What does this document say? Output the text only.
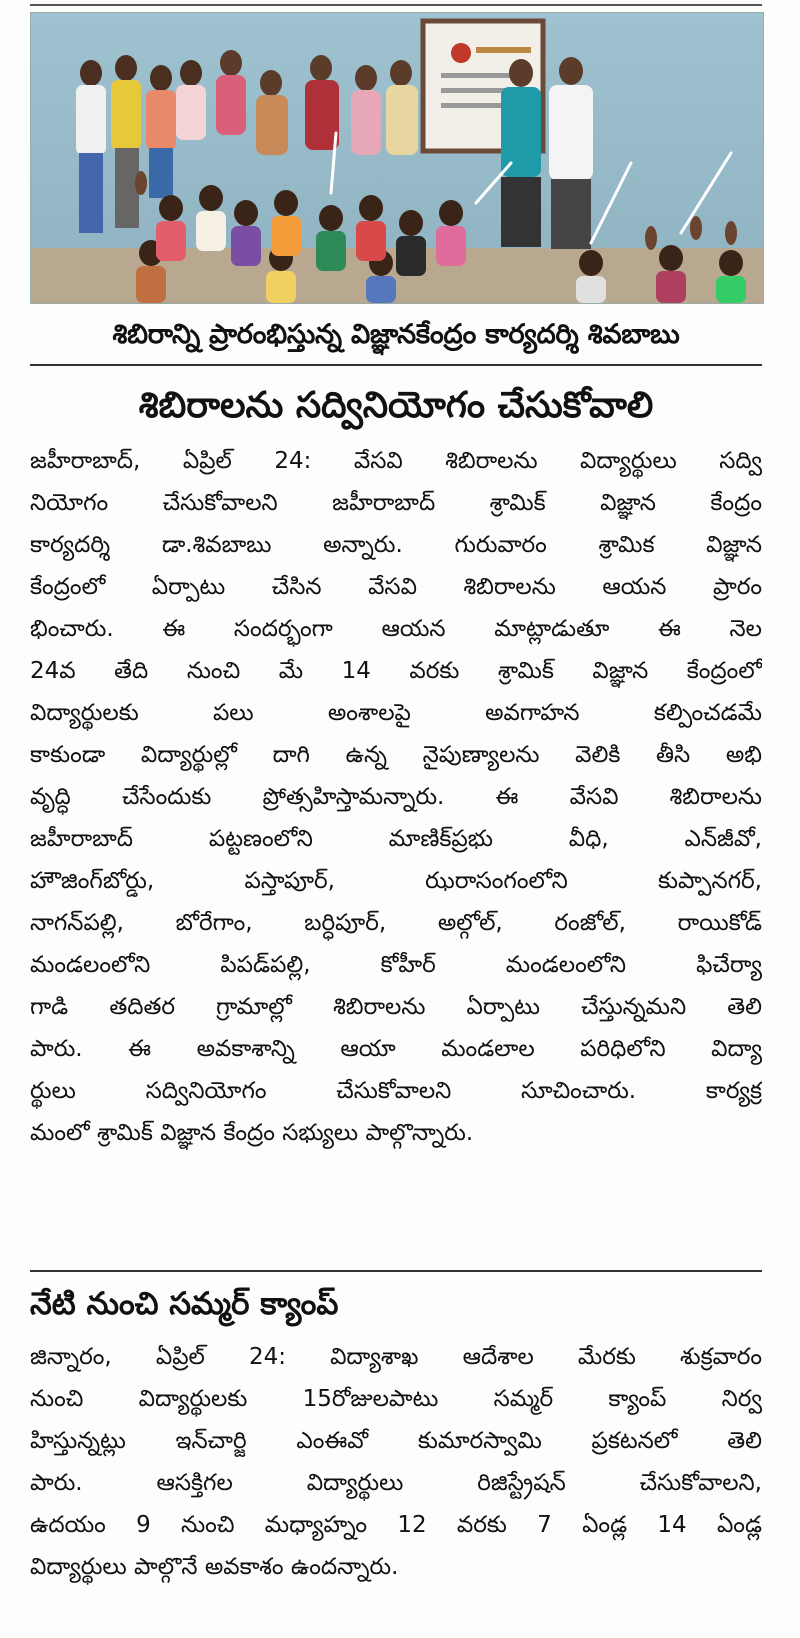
శిబిరాన్ని ప్రారంభిస్తున్న విజ్ఞానకేంద్రం కార్యదర్శి శివబాబు
శిబిరాలను సద్వినియోగం చేసుకోవాలి
జహీరాబాద్, ఏప్రిల్ 24: వేసవి శిబిరాలను విద్యార్థులు సద్వి
నియోగం చేసుకోవాలని జహీరాబాద్ శ్రామిక్ విజ్ఞాన కేంద్రం
కార్యదర్శి డా.శివబాబు అన్నారు. గురువారం శ్రామిక విజ్ఞాన
కేంద్రంలో ఏర్పాటు చేసిన వేసవి శిబిరాలను ఆయన ప్రారం
భించారు. ఈ సందర్భంగా ఆయన మాట్లాడుతూ ఈ నెల
24వ తేది నుంచి మే 14 వరకు శ్రామిక్ విజ్ఞాన కేంద్రంలో
విద్యార్థులకు పలు అంశాలపై అవగాహన కల్పించడమే
కాకుండా విద్యార్థుల్లో దాగి ఉన్న నైపుణ్యాలను వెలికి తీసి అభి
వృద్ధి చేసేందుకు ప్రోత్సహిస్తామన్నారు. ఈ వేసవి శిబిరాలను
జహీరాబాద్ పట్టణంలోని మాణిక్‌ప్రభు వీధి, ఎన్‌జీవో,
హౌజింగ్‌బోర్డు, పస్తాపూర్, ఝరాసంగంలోని కుప్పానగర్,
నాగన్‌పల్లి, బోరేగాం, బర్ధిపూర్, అల్గోల్, రంజోల్, రాయికోడ్
మండలంలోని పిపడ్‌పల్లి, కోహీర్ మండలంలోని ఫిచేర్యా
గాడి తదితర గ్రామాల్లో శిబిరాలను ఏర్పాటు చేస్తున్నమని తెలి
పారు. ఈ అవకాశాన్ని ఆయా మండలాల పరిధిలోని విద్యా
ర్థులు సద్వినియోగం చేసుకోవాలని సూచించారు. కార్యక్ర
మంలో శ్రామిక్ విజ్ఞాన కేంద్రం సభ్యులు పాల్గొన్నారు.
నేటి నుంచి సమ్మర్ క్యాంప్
జిన్నారం, ఏప్రిల్ 24: విద్యాశాఖ ఆదేశాల మేరకు శుక్రవారం
నుంచి విద్యార్థులకు 15రోజులపాటు సమ్మర్ క్యాంప్ నిర్వ
హిస్తున్నట్లు ఇన్‌చార్జి ఎంఈవో కుమారస్వామి ప్రకటనలో తెలి
పారు. ఆసక్తిగల విద్యార్థులు రిజిస్ట్రేషన్ చేసుకోవాలని,
ఉదయం 9 నుంచి మధ్యాహ్నం 12 వరకు 7 ఏండ్ల 14 ఏండ్ల
విద్యార్థులు పాల్గొనే అవకాశం ఉందన్నారు.
